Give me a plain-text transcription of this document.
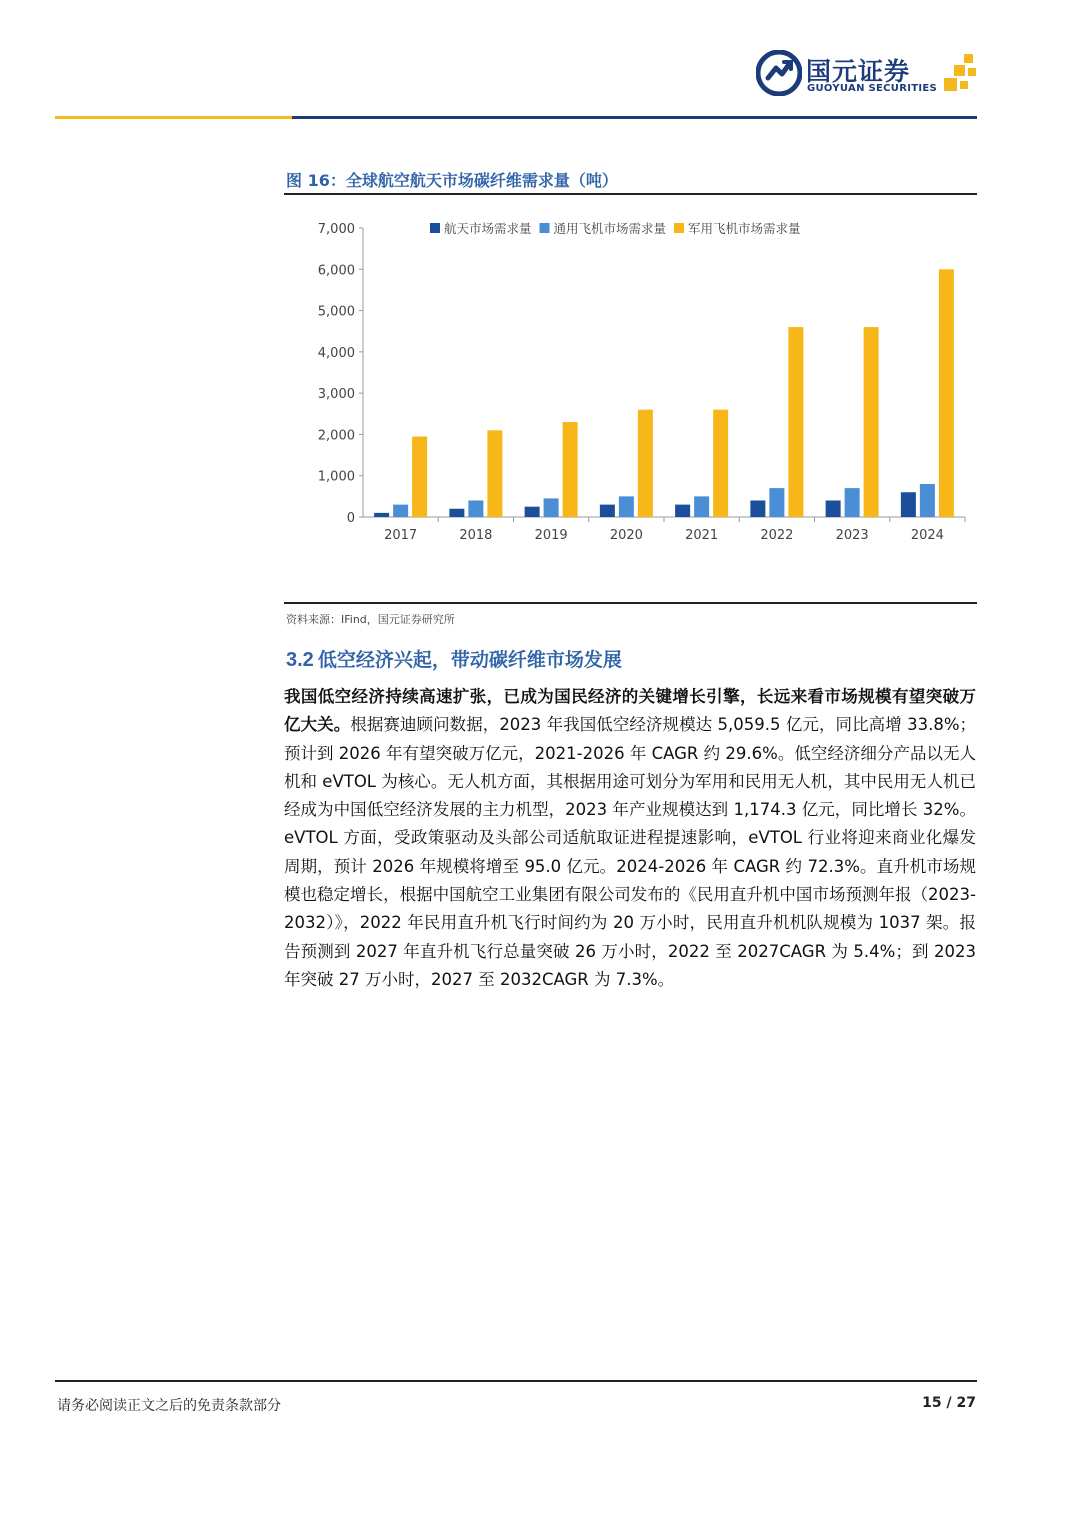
国元证券
GUOYUAN SECURITIES
图 16：全球航空航天市场碳纤维需求量（吨）
0
1,000
2,000
3,000
4,000
5,000
6,000
7,000
2017	2018	2019	2020	2021	2022	2023	2024
航天市场需求量 通用飞机市场需求量 军用飞机市场需求量
资料来源：IFind，国元证券研究所
3.2 低空经济兴起，带动碳纤维市场发展
我国低空经济持续高速扩张，已成为国民经济的关键增长引擎，长远来看市场规模有望突破万亿大关。根据赛迪顾问数据，2023 年我国低空经济规模达 5,059.5 亿元，同比高增 33.8%；预计到 2026 年有望突破万亿元，2021-2026 年 CAGR 约 29.6%。低空经济细分产品以无人机和 eVTOL 为核心。无人机方面，其根据用途可划分为军用和民用无人机，其中民用无人机已经成为中国低空经济发展的主力机型，2023 年产业规模达到 1,174.3 亿元，同比增长 32%。eVTOL 方面，受政策驱动及头部公司适航取证进程提速影响，eVTOL 行业将迎来商业化爆发周期，预计 2026 年规模将增至 95.0 亿元。2024-2026 年 CAGR 约 72.3%。直升机市场规模也稳定增长，根据中国航空工业集团有限公司发布的《民用直升机中国市场预测年报（2023-2032）》，2022 年民用直升机飞行时间约为 20 万小时，民用直升机机队规模为 1037 架。报告预测到 2027 年直升机飞行总量突破 26 万小时，2022 至 2027CAGR 为 5.4%；到 2023 年突破 27 万小时，2027 至 2032CAGR 为 7.3%。
请务必阅读正文之后的免责条款部分	15 / 27
